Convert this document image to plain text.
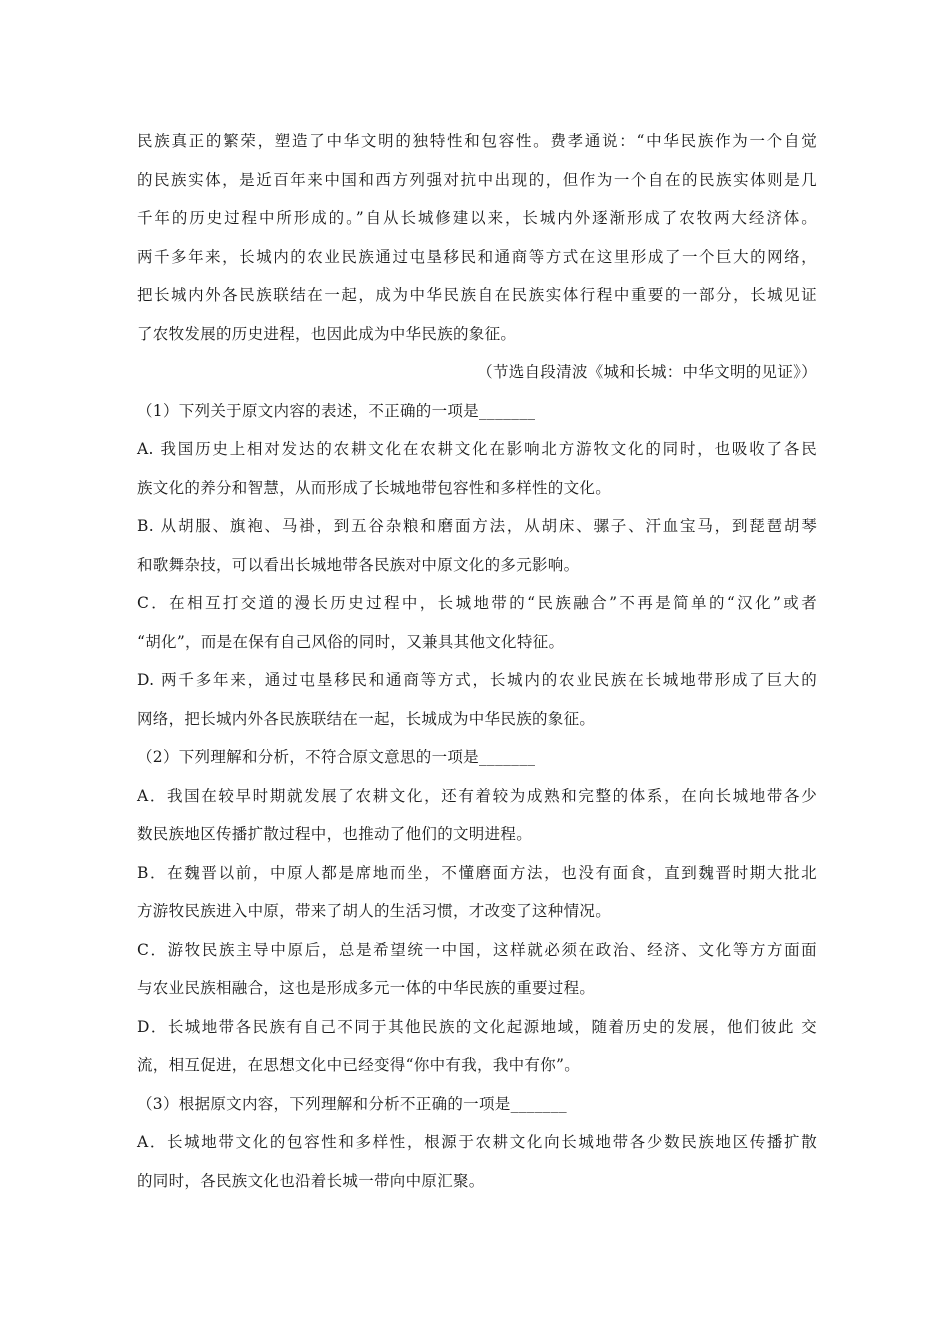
民族真正的繁荣，塑造了中华文明的独特性和包容性。费孝通说：“中华民族作为一个自觉
的民族实体，是近百年来中国和西方列强对抗中出现的，但作为一个自在的民族实体则是几
千年的历史过程中所形成的。”自从长城修建以来，长城内外逐渐形成了农牧两大经济体。
两千多年来，长城内的农业民族通过屯垦移民和通商等方式在这里形成了一个巨大的网络，
把长城内外各民族联结在一起，成为中华民族自在民族实体行程中重要的一部分，长城见证
了农牧发展的历史进程，也因此成为中华民族的象征。
（节选自段清波《城和长城：中华文明的见证》）
（1）下列关于原文内容的表述，不正确的一项是_______
A. 我国历史上相对发达的农耕文化在农耕文化在影响北方游牧文化的同时，也吸收了各民
族文化的养分和智慧，从而形成了长城地带包容性和多样性的文化。
B. 从胡服、旗袍、马褂，到五谷杂粮和磨面方法，从胡床、骡子、汗血宝马，到琵琶胡琴
和歌舞杂技，可以看出长城地带各民族对中原文化的多元影响。
C．在相互打交道的漫长历史过程中，长城地带的“民族融合”不再是简单的“汉化”或者
“胡化”，而是在保有自己风俗的同时，又兼具其他文化特征。
D. 两千多年来，通过屯垦移民和通商等方式，长城内的农业民族在长城地带形成了巨大的
网络，把长城内外各民族联结在一起，长城成为中华民族的象征。
（2）下列理解和分析，不符合原文意思的一项是_______
A．我国在较早时期就发展了农耕文化，还有着较为成熟和完整的体系，在向长城地带各少
数民族地区传播扩散过程中，也推动了他们的文明进程。
B．在魏晋以前，中原人都是席地而坐，不懂磨面方法，也没有面食，直到魏晋时期大批北
方游牧民族进入中原，带来了胡人的生活习惯，才改变了这种情况。
C．游牧民族主导中原后，总是希望统一中国，这样就必须在政治、经济、文化等方方面面
与农业民族相融合，这也是形成多元一体的中华民族的重要过程。
D．长城地带各民族有自己不同于其他民族的文化起源地域，随着历史的发展，他们彼此 交
流，相互促进，在思想文化中已经变得“你中有我，我中有你”。
（3）根据原文内容，下列理解和分析不正确的一项是_______
A．长城地带文化的包容性和多样性，根源于农耕文化向长城地带各少数民族地区传播扩散
的同时，各民族文化也沿着长城一带向中原汇聚。
